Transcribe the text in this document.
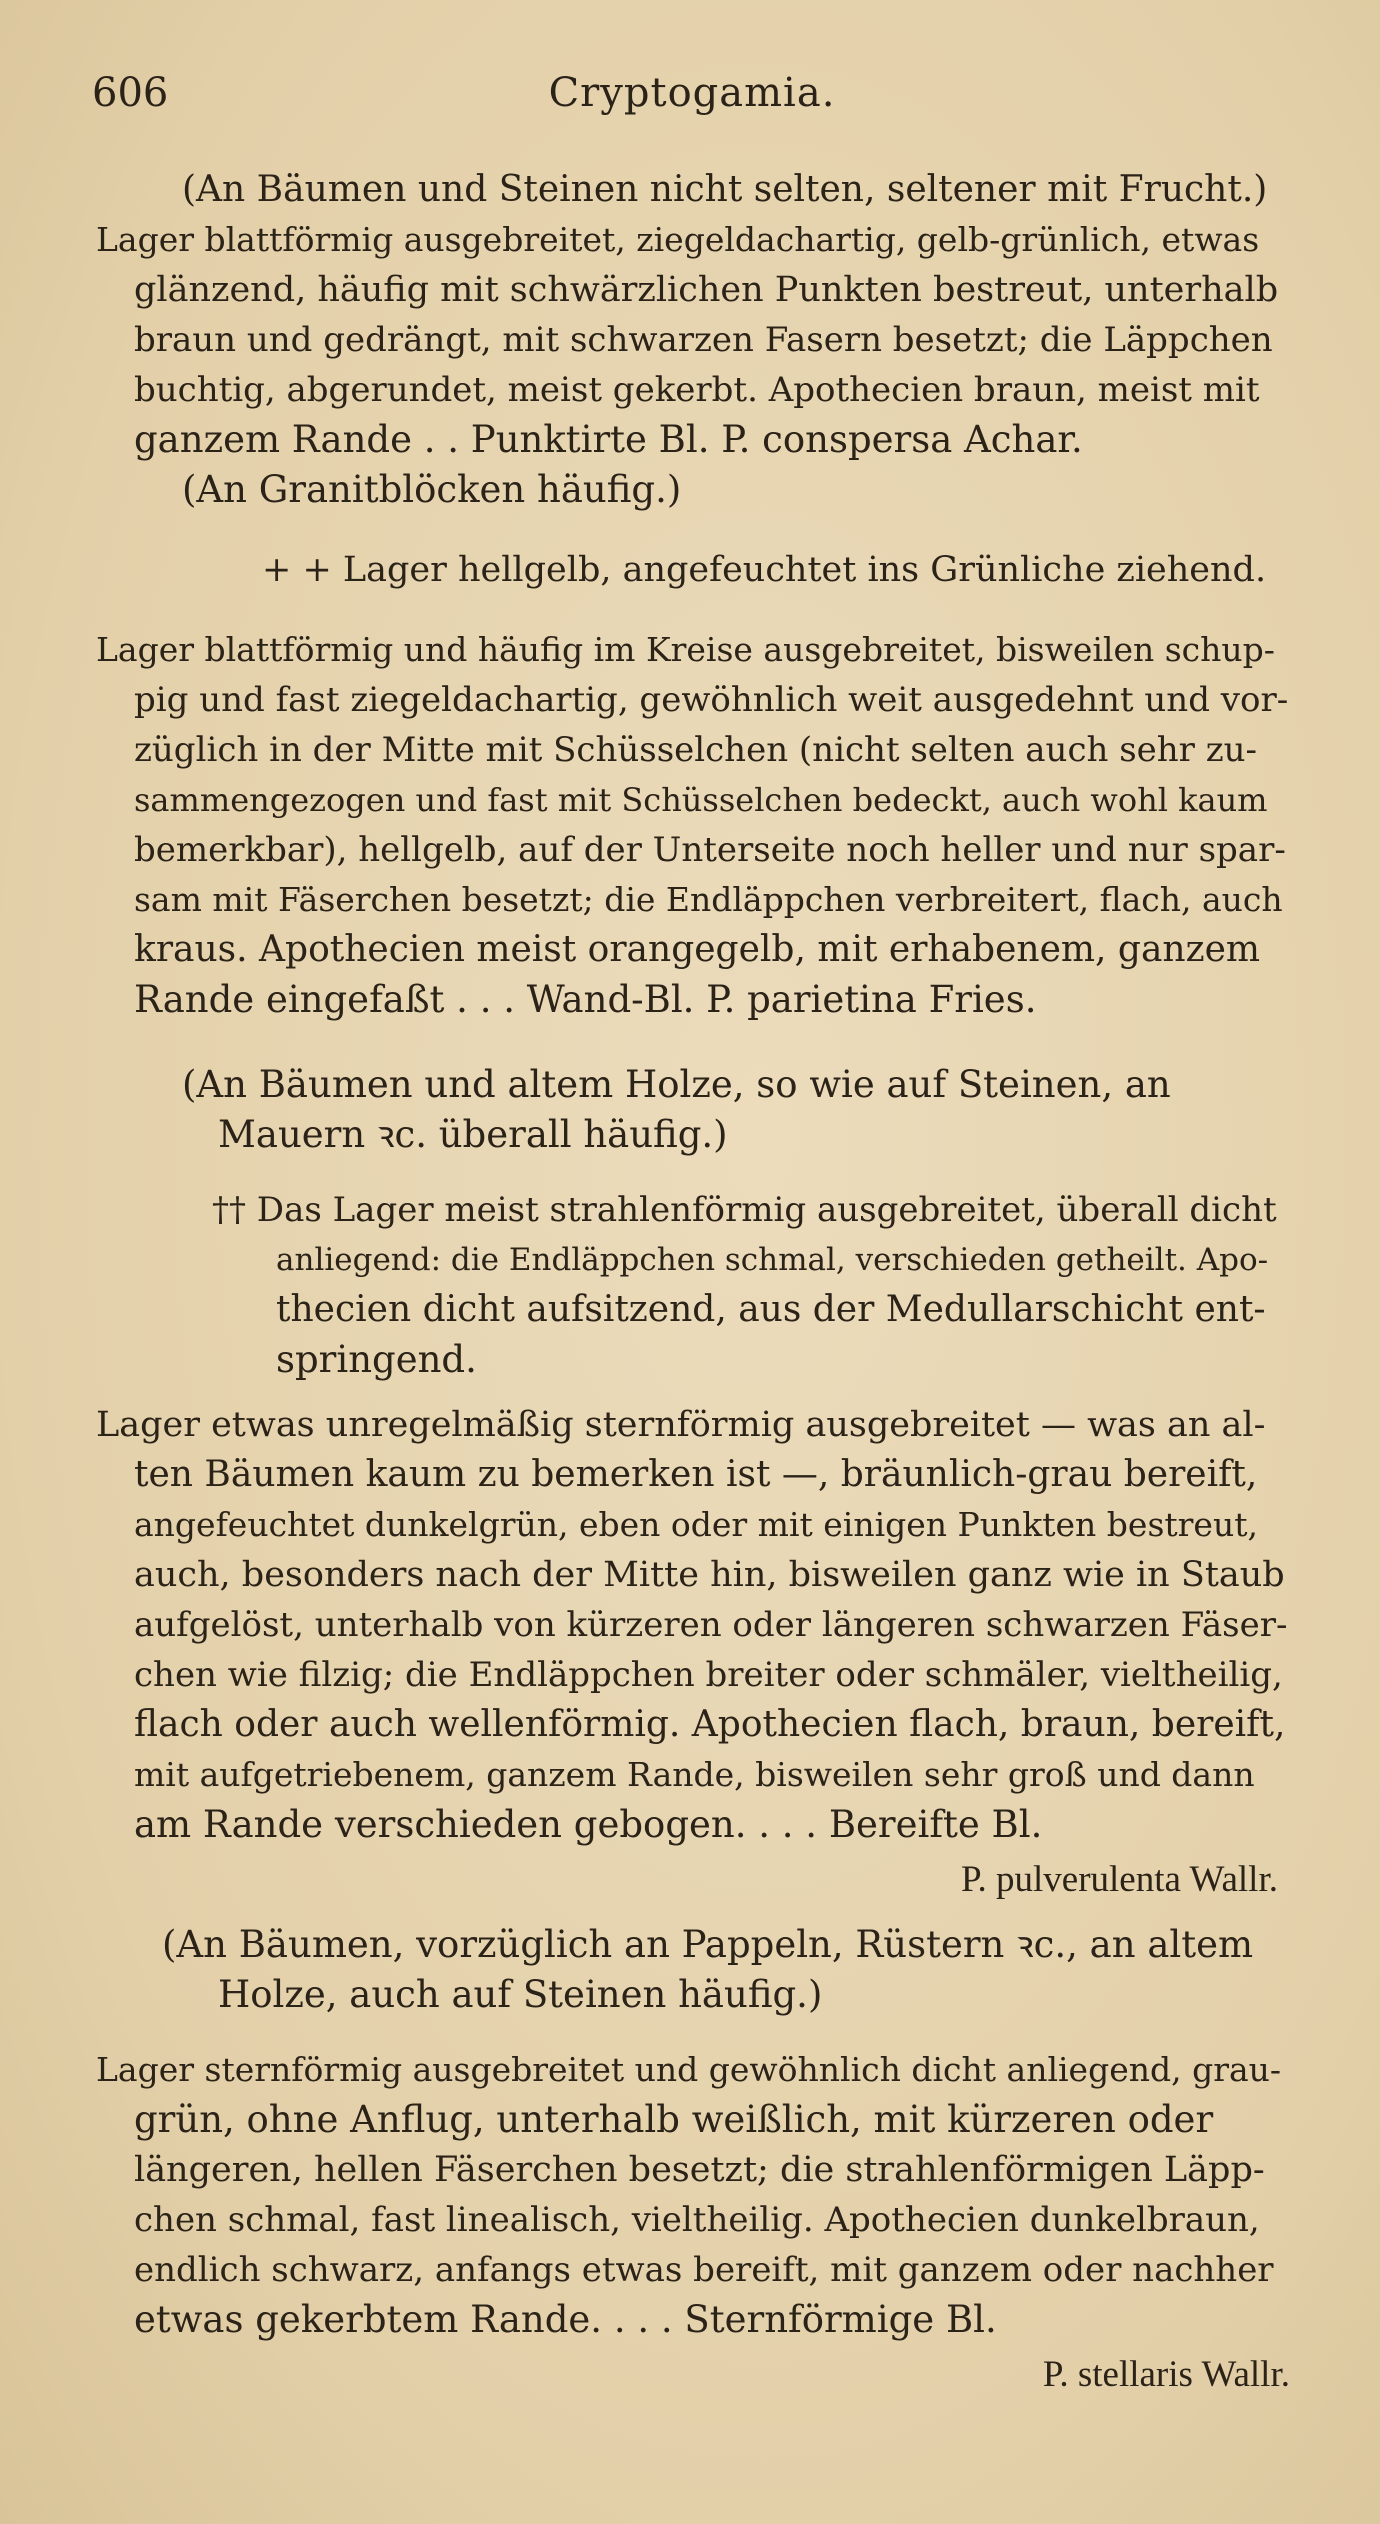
606	Cryptogamia.
(An Bäumen und Steinen nicht selten, seltener mit Frucht.)
Lager blattförmig ausgebreitet, ziegeldachartig, gelb-grünlich, etwas
glänzend, häufig mit schwärzlichen Punkten bestreut, unterhalb
braun und gedrängt, mit schwarzen Fasern besetzt; die Läppchen
buchtig, abgerundet, meist gekerbt. Apothecien braun, meist mit
ganzem Rande . . Punktirte Bl. P. conspersa Achar.
(An Granitblöcken häufig.)
+ + Lager hellgelb, angefeuchtet ins Grünliche ziehend.
Lager blattförmig und häufig im Kreise ausgebreitet, bisweilen schup-
pig und fast ziegeldachartig, gewöhnlich weit ausgedehnt und vor-
züglich in der Mitte mit Schüsselchen (nicht selten auch sehr zu-
sammengezogen und fast mit Schüsselchen bedeckt, auch wohl kaum
bemerkbar), hellgelb, auf der Unterseite noch heller und nur spar-
sam mit Fäserchen besetzt; die Endläppchen verbreitert, flach, auch
kraus. Apothecien meist orangegelb, mit erhabenem, ganzem
Rande eingefaßt . . . Wand-Bl. P. parietina Fries.
(An Bäumen und altem Holze, so wie auf Steinen, an
Mauern ꝛc. überall häufig.)
†† Das Lager meist strahlenförmig ausgebreitet, überall dicht
anliegend: die Endläppchen schmal, verschieden getheilt. Apo-
thecien dicht aufsitzend, aus der Medullarschicht ent-
springend.
Lager etwas unregelmäßig sternförmig ausgebreitet — was an al-
ten Bäumen kaum zu bemerken ist —, bräunlich-grau bereift,
angefeuchtet dunkelgrün, eben oder mit einigen Punkten bestreut,
auch, besonders nach der Mitte hin, bisweilen ganz wie in Staub
aufgelöst, unterhalb von kürzeren oder längeren schwarzen Fäser-
chen wie filzig; die Endläppchen breiter oder schmäler, vieltheilig,
flach oder auch wellenförmig. Apothecien flach, braun, bereift,
mit aufgetriebenem, ganzem Rande, bisweilen sehr groß und dann
am Rande verschieden gebogen. . . . Bereifte Bl.
P. pulverulenta Wallr.
(An Bäumen, vorzüglich an Pappeln, Rüstern ꝛc., an altem
Holze, auch auf Steinen häufig.)
Lager sternförmig ausgebreitet und gewöhnlich dicht anliegend, grau-
grün, ohne Anflug, unterhalb weißlich, mit kürzeren oder
längeren, hellen Fäserchen besetzt; die strahlenförmigen Läpp-
chen schmal, fast linealisch, vieltheilig. Apothecien dunkelbraun,
endlich schwarz, anfangs etwas bereift, mit ganzem oder nachher
etwas gekerbtem Rande. . . . Sternförmige Bl.
P. stellaris Wallr.
